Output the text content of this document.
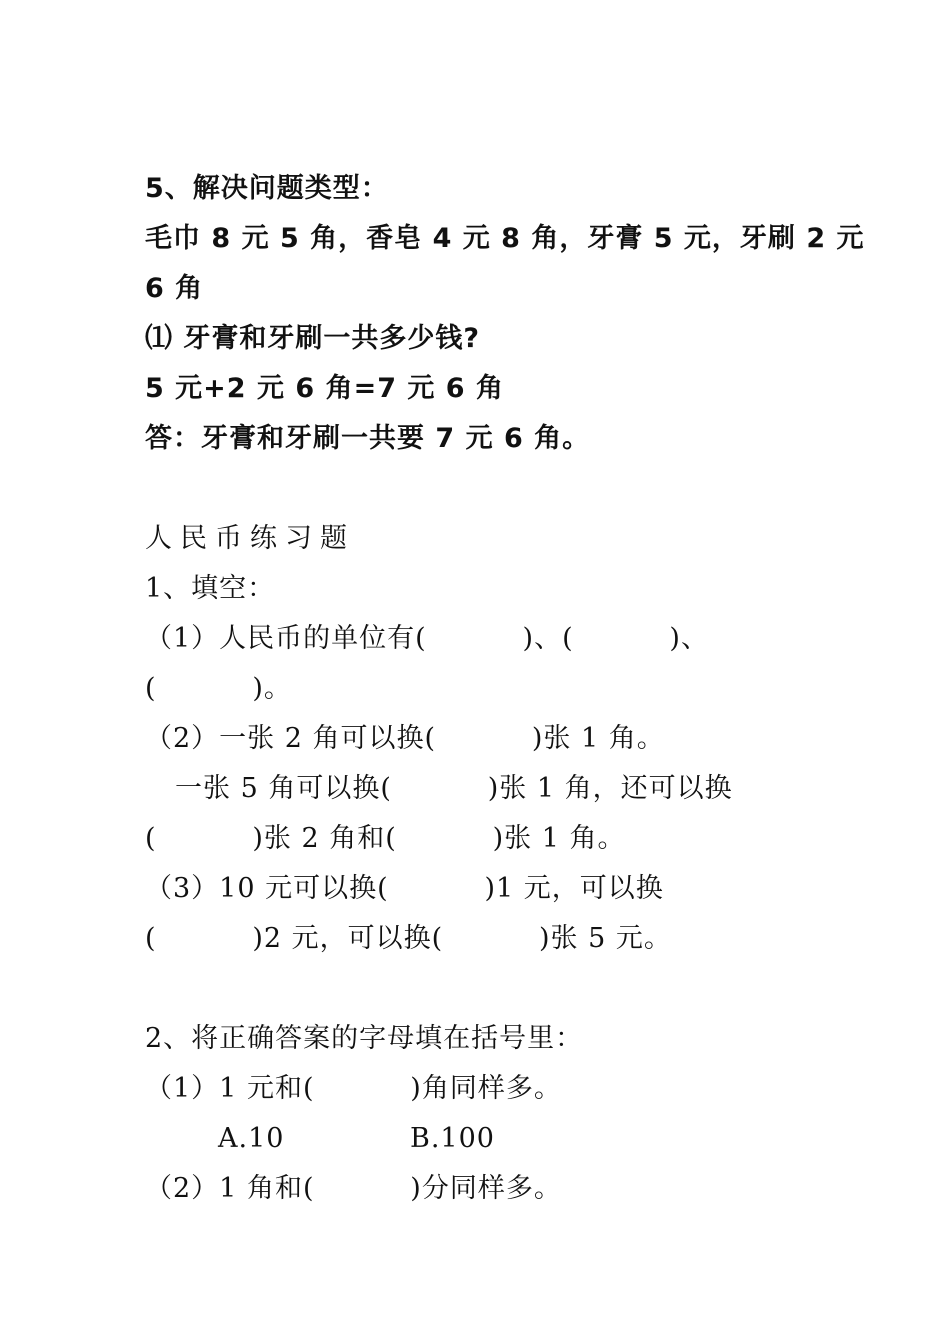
5、解决问题类型：
毛巾 8 元 5 角，香皂 4 元 8 角，牙膏 5 元，牙刷 2 元
6 角
⑴ 牙膏和牙刷一共多少钱?
5 元+2 元 6 角=7 元 6 角
答：牙膏和牙刷一共要 7 元 6 角。
人民币练习题
1、填空：
（1）人民币的单位有(          )、(          )、
(          )。
（2）一张 2 角可以换(          )张 1 角。
一张 5 角可以换(          )张 1 角，还可以换
(          )张 2 角和(          )张 1 角。
（3）10 元可以换(          )1 元，可以换
(          )2 元，可以换(          )张 5 元。
2、将正确答案的字母填在括号里：
（1）1 元和(          )角同样多。
A.10	B.100
（2）1 角和(          )分同样多。
